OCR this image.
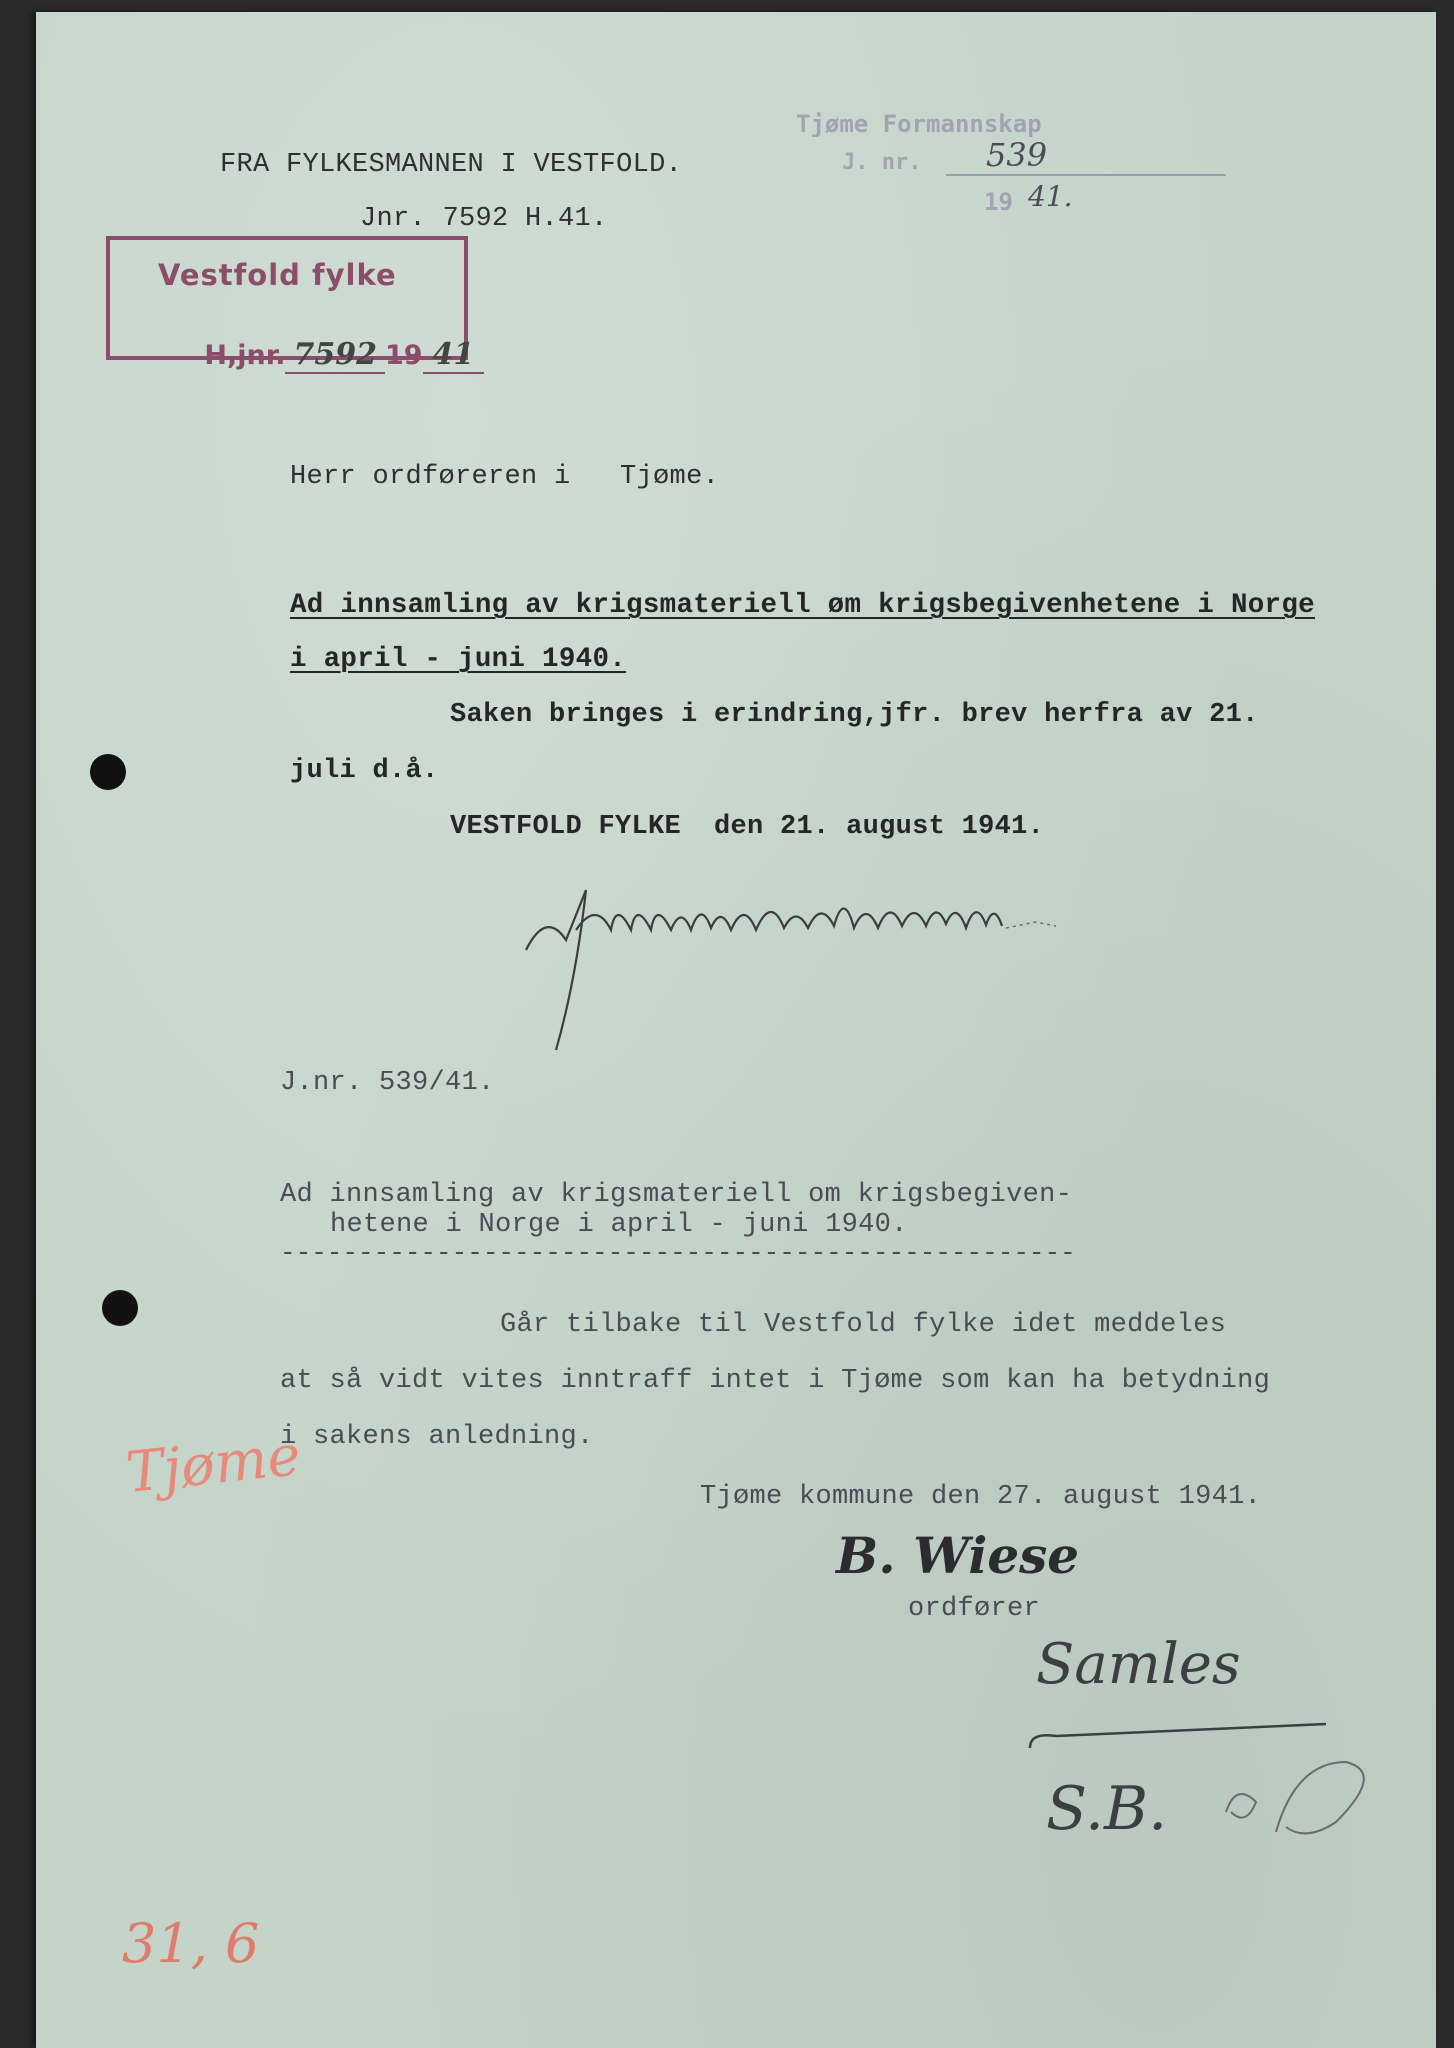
Tjøme Formannskap
J. nr. 539
19 41.
FRA FYLKESMANNEN I VESTFOLD.
Jnr. 7592 H.41.
Vestfold fylke

H,jnr. 7592 19 41

Herr ordføreren i   Tjøme.
Ad innsamling av krigsmateriell øm krigsbegivenhetene i Norge
i april - juni 1940.
Saken bringes i erindring,jfr. brev herfra av 21.
juli d.å.
VESTFOLD FYLKE  den 21. august 1941.
J.nr. 539/41.
Ad innsamling av krigsmateriell om krigsbegiven-
hetene i Norge i april - juni 1940.
---------------------------------------------------
Går tilbake til Vestfold fylke idet meddeles
at så vidt vites inntraff intet i Tjøme som kan ha betydning
i sakens anledning.
Tjøme kommune den 27. august 1941.
B. Wiese
ordfører
Samles
S.B.
Tjøme
31, 6
